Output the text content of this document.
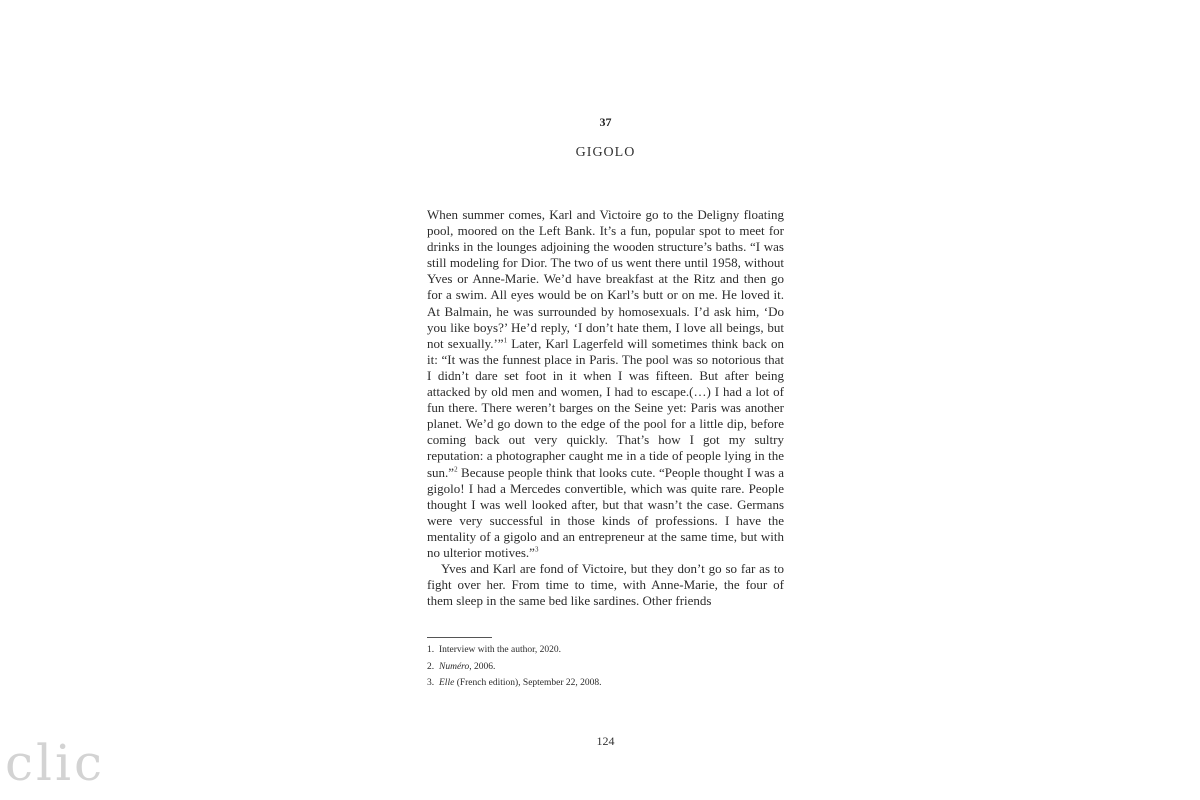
37
GIGOLO

When summer comes, Karl and Victoire go to the Deligny floating pool, moored on the Left Bank. It’s a fun, popular spot to meet for drinks in the lounges adjoining the wooden structure’s baths. “I was still modeling for Dior. The two of us went there until 1958, without Yves or Anne-Marie. We’d have breakfast at the Ritz and then go for a swim. All eyes would be on Karl’s butt or on me. He loved it. At Balmain, he was surrounded by homosexuals. I’d ask him, ‘Do you like boys?’ He’d reply, ‘I don’t hate them, I love all beings, but not sexually.’”$^1$ Later, Karl Lagerfeld will sometimes think back on it: “It was the funnest place in Paris. The pool was so notorious that I didn’t dare set foot in it when I was fifteen. But after being attacked by old men and women, I had to escape.(…) I had a lot of fun there. There weren’t barges on the Seine yet: Paris was another planet. We’d go down to the edge of the pool for a little dip, before coming back out very quickly. That’s how I got my sultry reputation: a photographer caught me in a tide of people lying in the sun.”$^2$ Because people think that looks cute. “People thought I was a gigolo! I had a Mercedes convertible, which was quite rare. People thought I was well looked after, but that wasn’t the case. Germans were very successful in those kinds of professions. I have the mentality of a gigolo and an entrepreneur at the same time, but with no ulterior motives.”$^3$

Yves and Karl are fond of Victoire, but they don’t go so far as to fight over her. From time to time, with Anne-Marie, the four of them sleep in the same bed like sardines. Other friends

1. Interview with the author, 2020.
2. Numéro, 2006.
3. Elle (French edition), September 22, 2008.
124
clic
